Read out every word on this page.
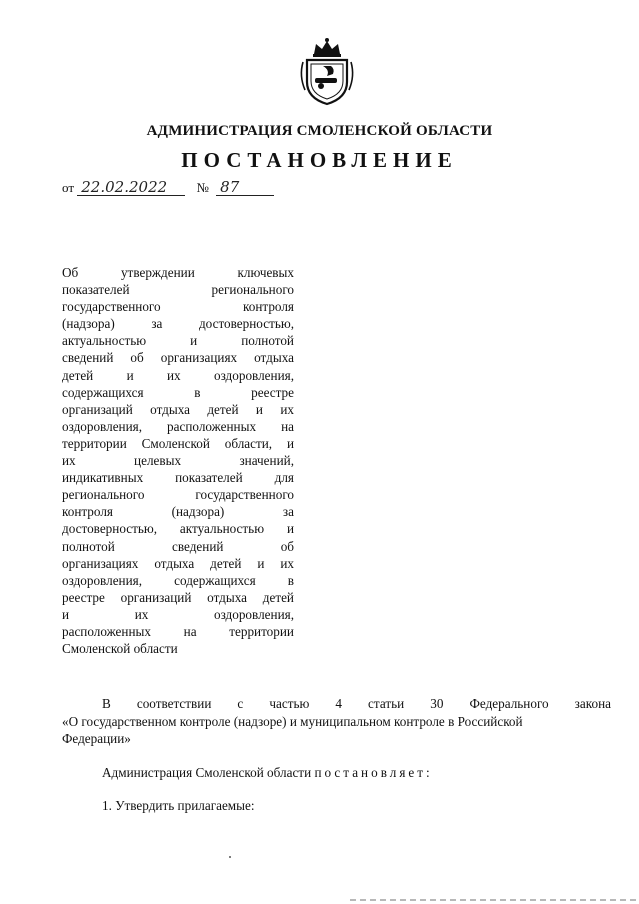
АДМИНИСТРАЦИЯ СМОЛЕНСКОЙ ОБЛАСТИ
ПОСТАНОВЛЕНИЕ
от 22.02.2022 № 87
Об утверждении ключевых
показателей регионального
государственного контроля
(надзора) за достоверностью,
актуальностью и полнотой
сведений об организациях отдыха
детей и их оздоровления,
содержащихся в реестре
организаций отдыха детей и их
оздоровления, расположенных на
территории Смоленской области, и
их целевых значений,
индикативных показателей для
регионального государственного
контроля (надзора) за
достоверностью, актуальностью и
полнотой сведений об
организациях отдыха детей и их
оздоровления, содержащихся в
реестре организаций отдыха детей
и их оздоровления,
расположенных на территории
Смоленской области
В соответствии с частью 4 статьи 30 Федерального закона
«О государственном контроле (надзоре) и муниципальном контроле в Российской
Федерации»
Администрация Смоленской области постановляет:
1. Утвердить прилагаемые:
